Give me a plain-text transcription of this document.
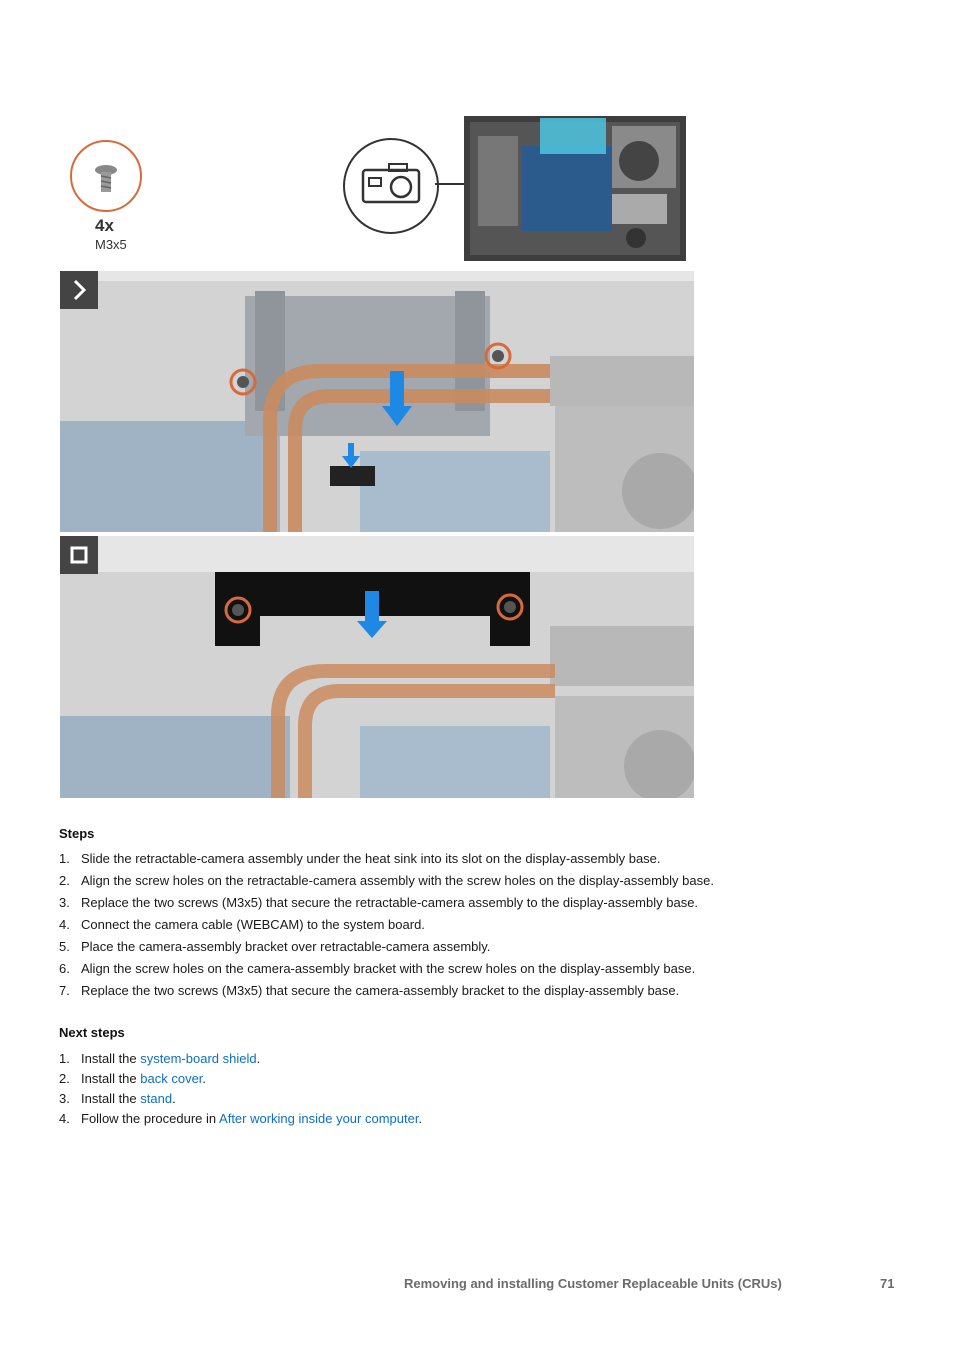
4x
M3x5
Steps
1. Slide the retractable-camera assembly under the heat sink into its slot on the display-assembly base.
2. Align the screw holes on the retractable-camera assembly with the screw holes on the display-assembly base.
3. Replace the two screws (M3x5) that secure the retractable-camera assembly to the display-assembly base.
4. Connect the camera cable (WEBCAM) to the system board.
5. Place the camera-assembly bracket over retractable-camera assembly.
6. Align the screw holes on the camera-assembly bracket with the screw holes on the display-assembly base.
7. Replace the two screws (M3x5) that secure the camera-assembly bracket to the display-assembly base.
Next steps
1. Install the system-board shield.
2. Install the back cover.
3. Install the stand.
4. Follow the procedure in After working inside your computer.
Removing and installing Customer Replaceable Units (CRUs)	71
